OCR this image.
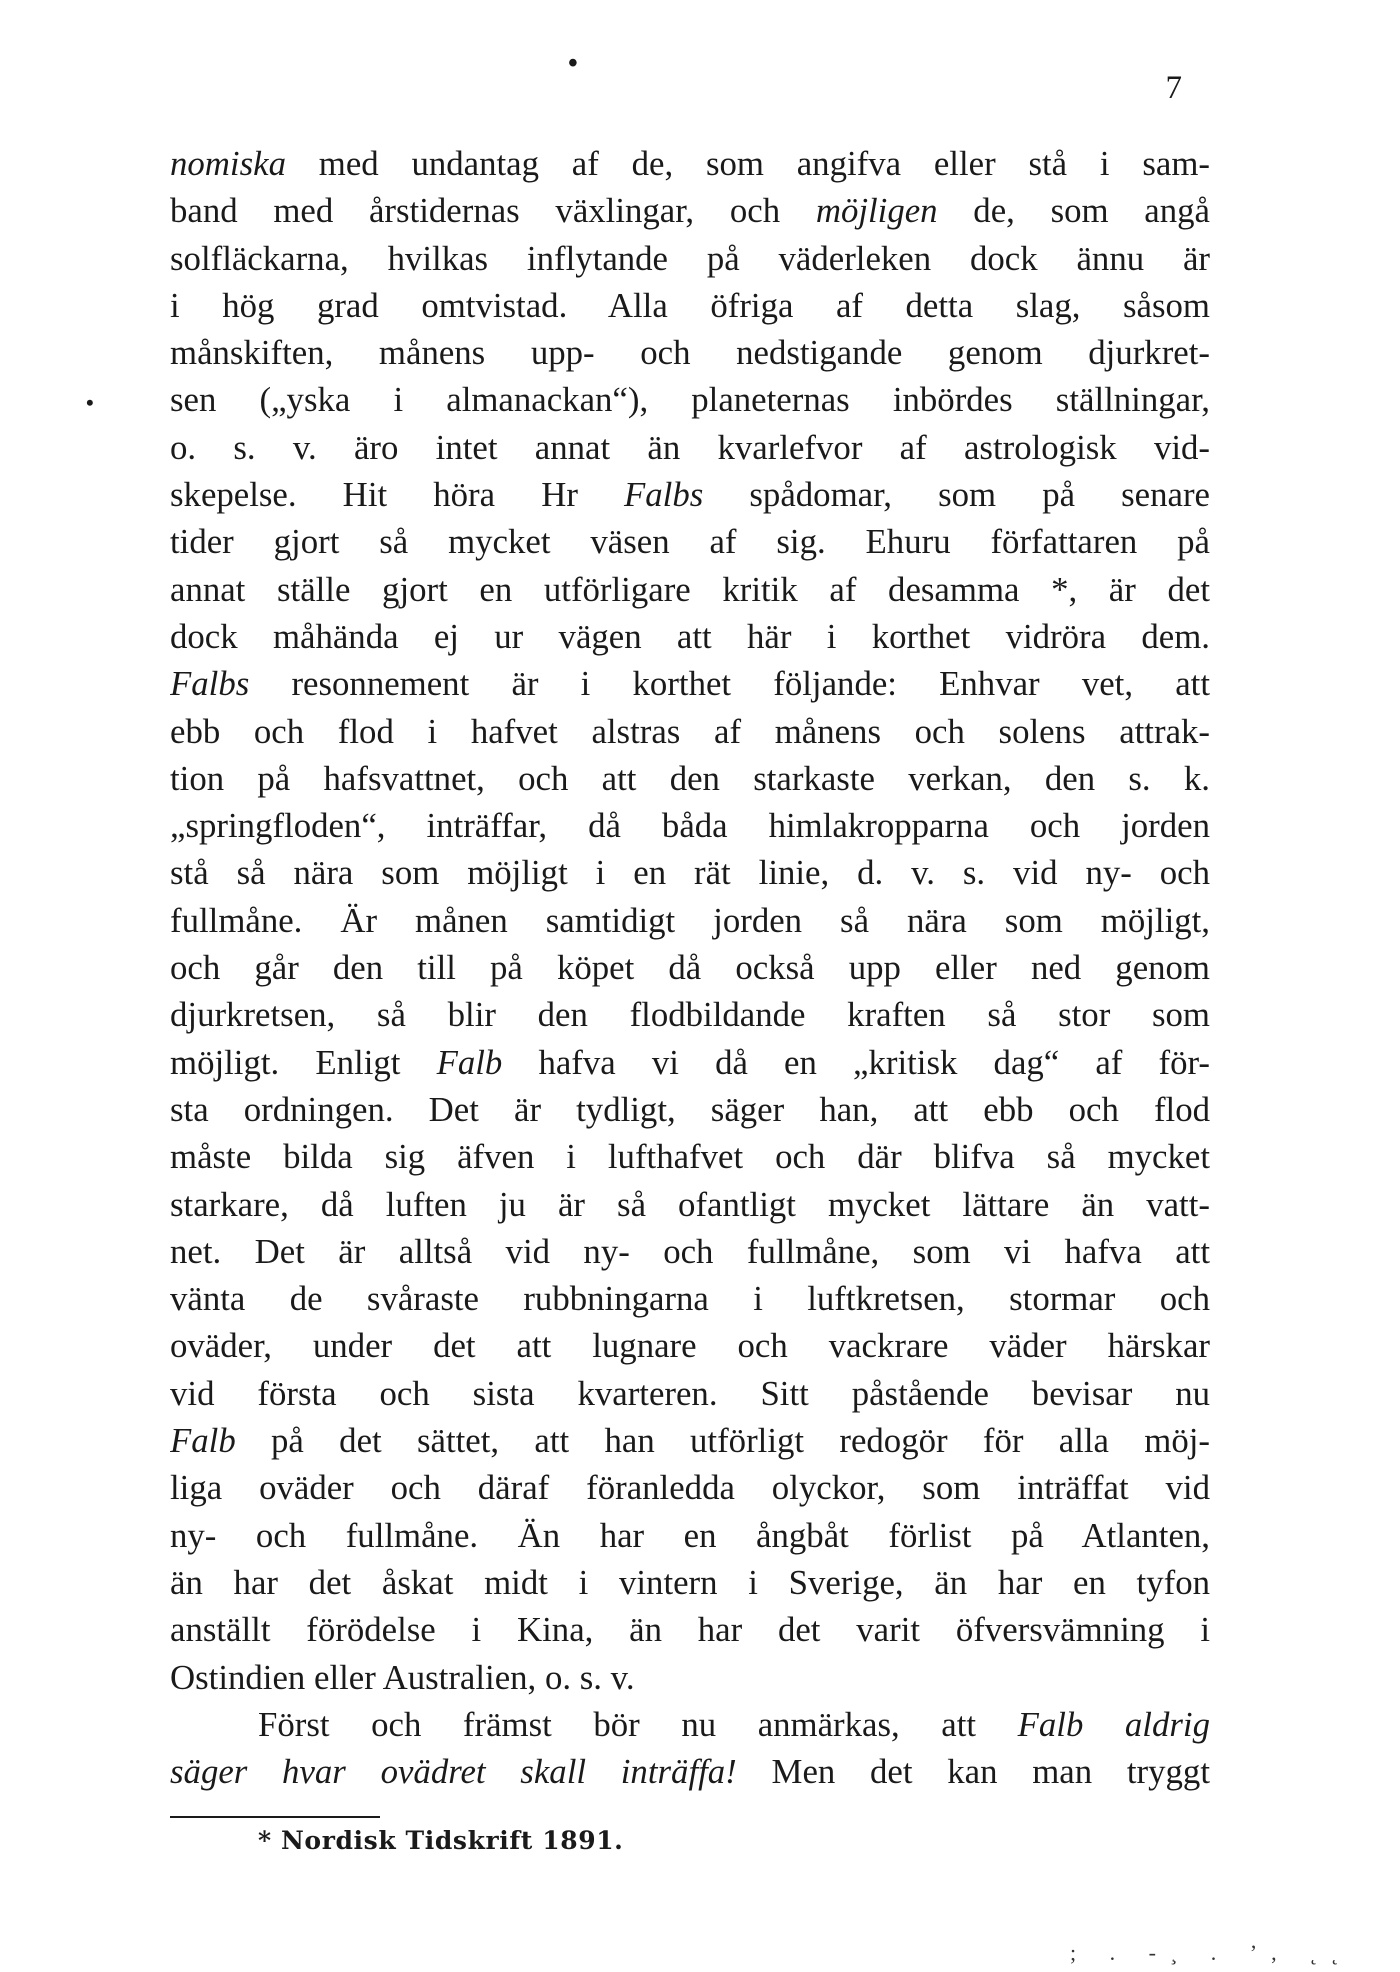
7
•
•
nomiska med undantag af de, som angifva eller stå i sam-
band med årstidernas växlingar, och möjligen de, som angå
solfläckarna, hvilkas inflytande på väderleken dock ännu är
i hög grad omtvistad. Alla öfriga af detta slag, såsom
månskiften, månens upp- och nedstigande genom djurkret-
sen („yska i almanackan“), planeternas inbördes ställningar,
o. s. v. äro intet annat än kvarlefvor af astrologisk vid-
skepelse. Hit höra Hr Falbs spådomar, som på senare
tider gjort så mycket väsen af sig. Ehuru författaren på
annat ställe gjort en utförligare kritik af desamma *, är det
dock måhända ej ur vägen att här i korthet vidröra dem.
Falbs resonnement är i korthet följande: Enhvar vet, att
ebb och flod i hafvet alstras af månens och solens attrak-
tion på hafsvattnet, och att den starkaste verkan, den s. k.
„springfloden“, inträffar, då båda himlakropparna och jorden
stå så nära som möjligt i en rät linie, d. v. s. vid ny- och
fullmåne. Är månen samtidigt jorden så nära som möjligt,
och går den till på köpet då också upp eller ned genom
djurkretsen, så blir den flodbildande kraften så stor som
möjligt. Enligt Falb hafva vi då en „kritisk dag“ af för-
sta ordningen. Det är tydligt, säger han, att ebb och flod
måste bilda sig äfven i lufthafvet och där blifva så mycket
starkare, då luften ju är så ofantligt mycket lättare än vatt-
net. Det är alltså vid ny- och fullmåne, som vi hafva att
vänta de svåraste rubbningarna i luftkretsen, stormar och
oväder, under det att lugnare och vackrare väder härskar
vid första och sista kvarteren. Sitt påstående bevisar nu
Falb på det sättet, att han utförligt redogör för alla möj-
liga oväder och däraf föranledda olyckor, som inträffat vid
ny- och fullmåne. Än har en ångbåt förlist på Atlanten,
än har det åskat midt i vintern i Sverige, än har en tyfon
anställt förödelse i Kina, än har det varit öfversvämning i
Ostindien eller Australien, o. s. v.
Först och främst bör nu anmärkas, att Falb aldrig
säger hvar ovädret skall inträffa! Men det kan man tryggt
* Nordisk Tidskrift 1891.
; . -¸ . ’, ˛˛
